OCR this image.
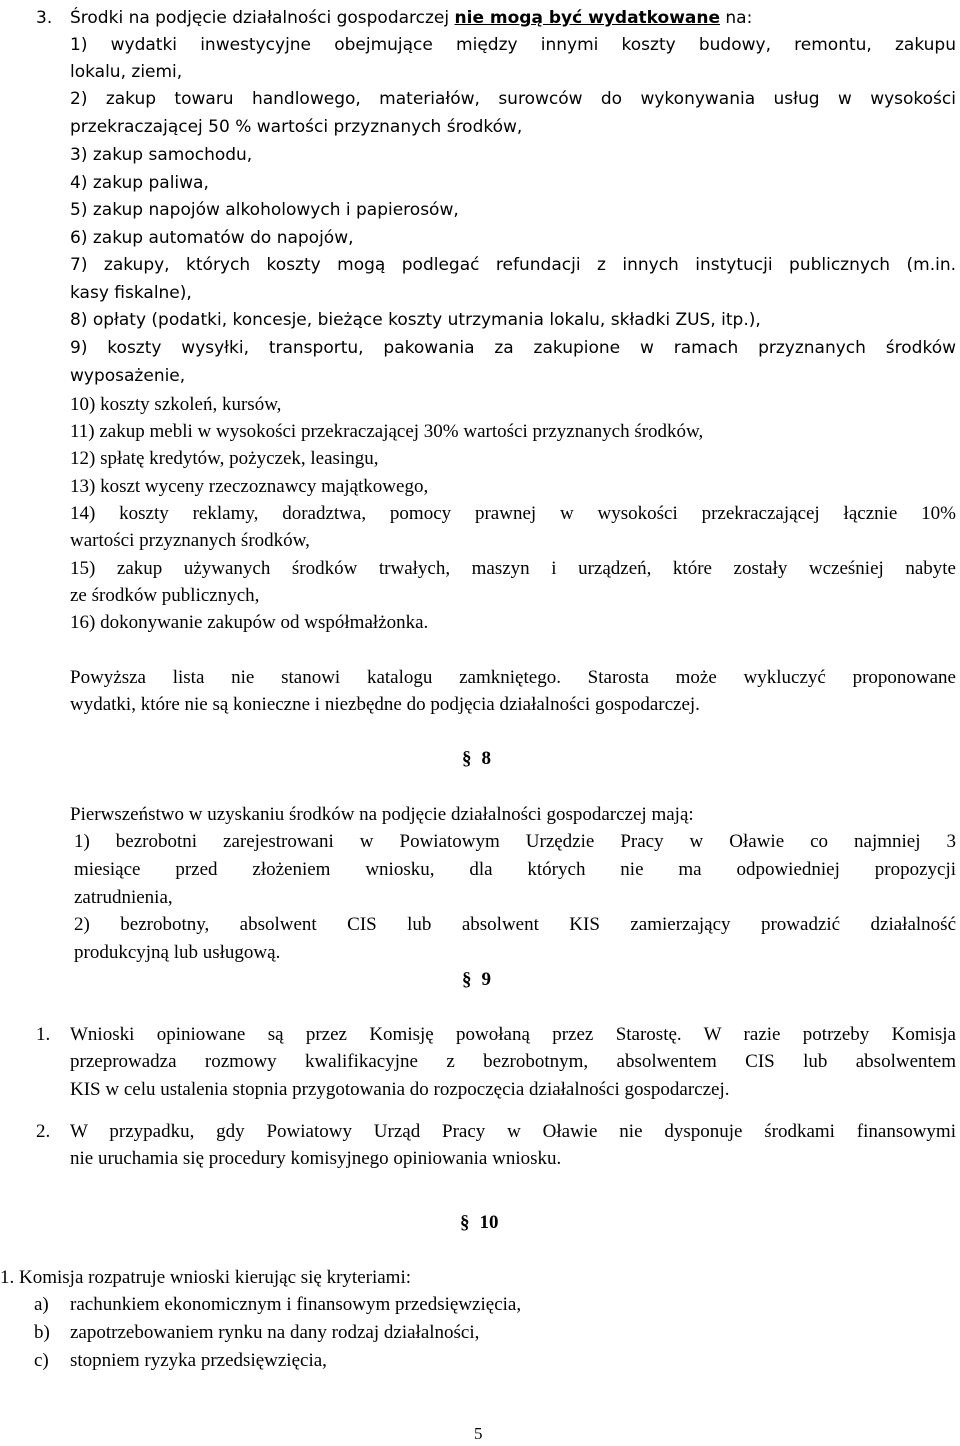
3. Środki na podjęcie działalności gospodarczej nie mogą być wydatkowane na:
1) wydatki inwestycyjne obejmujące między innymi koszty budowy, remontu, zakupu
lokalu, ziemi,
2) zakup towaru handlowego, materiałów, surowców do wykonywania usług w wysokości
przekraczającej 50 % wartości przyznanych środków,
3) zakup samochodu,
4) zakup paliwa,
5) zakup napojów alkoholowych i papierosów,
6) zakup automatów do napojów,
7) zakupy, których koszty mogą podlegać refundacji z innych instytucji publicznych (m.in.
kasy fiskalne),
8) opłaty (podatki, koncesje, bieżące koszty utrzymania lokalu, składki ZUS, itp.),
9) koszty wysyłki, transportu, pakowania za zakupione w ramach przyznanych środków
wyposażenie,
10) koszty szkoleń, kursów,
11) zakup mebli w wysokości przekraczającej 30% wartości przyznanych środków,
12) spłatę kredytów, pożyczek, leasingu,
13) koszt wyceny rzeczoznawcy majątkowego,
14) koszty reklamy, doradztwa, pomocy prawnej w wysokości przekraczającej łącznie 10%
wartości przyznanych środków,
15) zakup używanych środków trwałych, maszyn i urządzeń, które zostały wcześniej nabyte
ze środków publicznych,
16) dokonywanie zakupów od współmałżonka.
Powyższa lista nie stanowi katalogu zamkniętego. Starosta może wykluczyć proponowane
wydatki, które nie są konieczne i niezbędne do podjęcia działalności gospodarczej.
§ 8
Pierwszeństwo w uzyskaniu środków na podjęcie działalności gospodarczej mają:
1) bezrobotni zarejestrowani w Powiatowym Urzędzie Pracy w Oławie co najmniej 3
miesiące przed złożeniem wniosku, dla których nie ma odpowiedniej propozycji
zatrudnienia,
2) bezrobotny, absolwent CIS lub absolwent KIS zamierzający prowadzić działalność
produkcyjną lub usługową.
§ 9
1. Wnioski opiniowane są przez Komisję powołaną przez Starostę. W razie potrzeby Komisja
przeprowadza rozmowy kwalifikacyjne z bezrobotnym, absolwentem CIS lub absolwentem
KIS w celu ustalenia stopnia przygotowania do rozpoczęcia działalności gospodarczej.
2. W przypadku, gdy Powiatowy Urząd Pracy w Oławie nie dysponuje środkami finansowymi
nie uruchamia się procedury komisyjnego opiniowania wniosku.
§ 10
1. Komisja rozpatruje wnioski kierując się kryteriami:
a) rachunkiem ekonomicznym i finansowym przedsięwzięcia,
b) zapotrzebowaniem rynku na dany rodzaj działalności,
c) stopniem ryzyka przedsięwzięcia,
5
